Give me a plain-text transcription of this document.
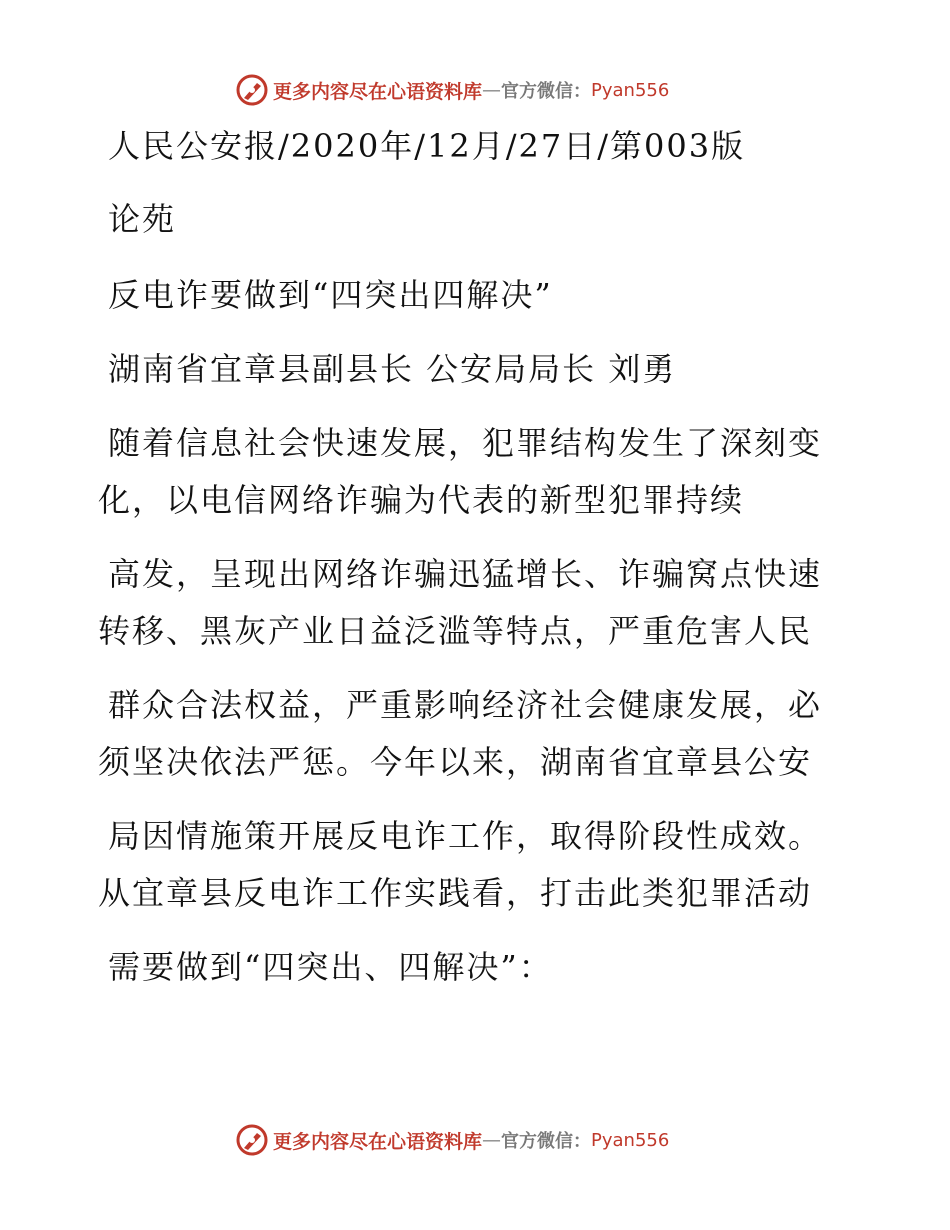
更多内容尽在心语资料库 — 官方微信： Pyan556
人民公安报/2020年/12月/27日/第003版
论苑
反电诈要做到“四突出四解决”
湖南省宜章县副县长 公安局局长 刘勇
随着信息社会快速发展，犯罪结构发生了深刻变
化，以电信网络诈骗为代表的新型犯罪持续
高发，呈现出网络诈骗迅猛增长、诈骗窝点快速
转移、黑灰产业日益泛滥等特点，严重危害人民
群众合法权益，严重影响经济社会健康发展，必
须坚决依法严惩。今年以来，湖南省宜章县公安
局因情施策开展反电诈工作，取得阶段性成效。
从宜章县反电诈工作实践看，打击此类犯罪活动
需要做到“四突出、四解决”：
更多内容尽在心语资料库 — 官方微信： Pyan556
